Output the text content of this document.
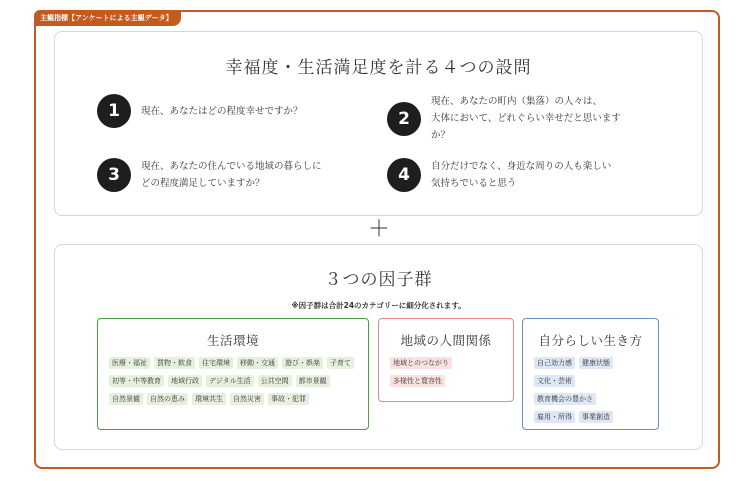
主観指標【アンケートによる主観データ】
幸福度・生活満足度を計る４つの設問
1	現在、あなたはどの程度幸せですか？	2
現在、あなたの町内（集落）の人々は、
大体において、どれぐらい幸せだと思います
か？
3	現在、あなたの住んでいる地域の暮らしに
どの程度満足していますか？	4	自分だけでなく、身近な周りの人も楽しい
気持ちでいると思う
＋
３つの因子群
※因子群は合計24のカテゴリーに細分化されます。
生活環境
医療・福祉	買物・飲食	住宅環境	移動・交通	遊び・娯楽	子育て
初等・中等教育	地域行政	デジタル生活	公共空間	都市景観
自然景観	自然の恵み	環境共生	自然災害	事故・犯罪
地域の人間関係
地域とのつながり
多様性と寛容性
自分らしい生き方
自己効力感	健康状態
文化・芸術
教育機会の豊かさ
雇用・所得	事業創造
